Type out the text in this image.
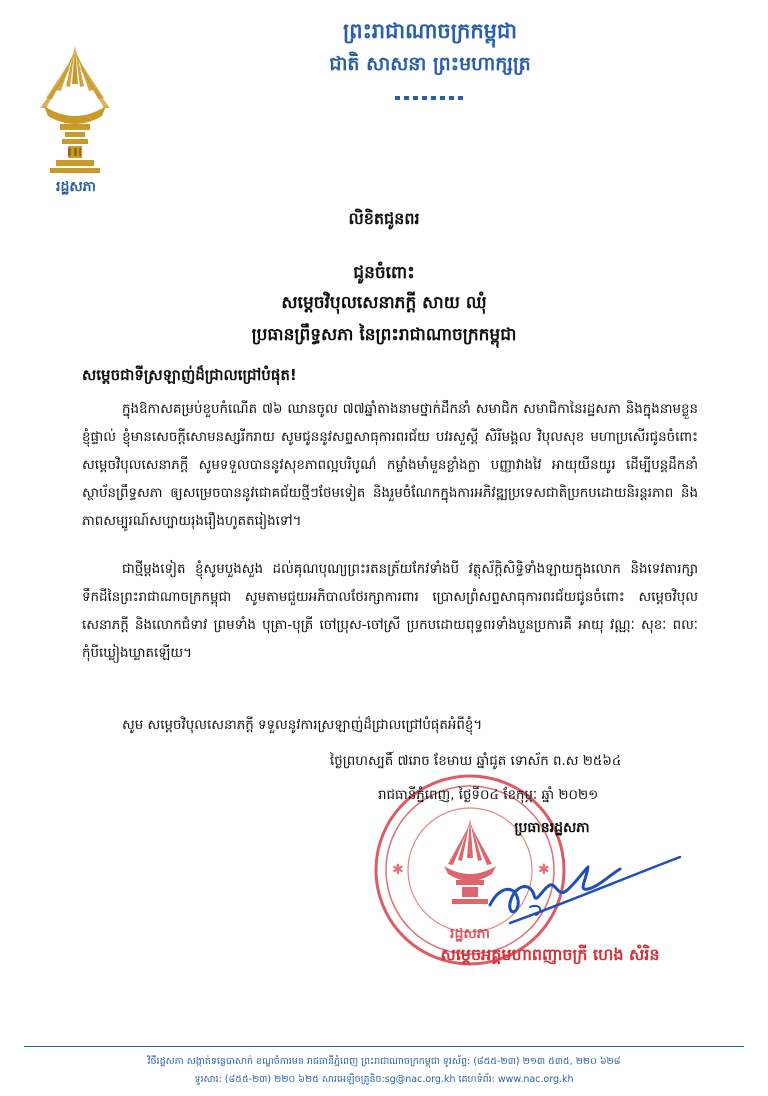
ព្រះរាជាណាចក្រកម្ពុជា
ជាតិ សាសនា ព្រះមហាក្សត្រ
រដ្ឋសភា
លិខិតជូនពរ
ជូនចំពោះ
សម្តេចវិបុលសេនាភក្តី សាយ ឈុំ
ប្រធានព្រឹទ្ធសភា នៃព្រះរាជាណាចក្រកម្ពុជា
សម្តេចជាទីស្រឡាញ់ដ៏ជ្រាលជ្រៅបំផុត!
ក្នុងឱកាសគម្រប់ខួបកំណើត ៧៦ ឈានចូល ៧៧ឆ្នាំតាងនាមថ្នាក់ដឹកនាំ សមាជិក សមាជិកានៃរដ្ឋសភា និងក្នុងនាមខ្លួនខ្ញុំផ្ទាល់ ខ្ញុំមានសេចក្តីសោមនស្សរីករាយ សូមជូននូវសព្ទសាធុការពរជ័យ បវរសួស្តី សិរីមង្គល វិបុលសុខ មហាប្រសើរជូនចំពោះ សម្តេចវិបុលសេនាភក្តី សូមទទួលបាននូវសុខភាពល្អបរិបូណ៌ កម្លាំងមាំមួនខ្លាំងក្លា បញ្ញាវាងវៃ អាយុយឺនយូរ ដើម្បីបន្តដឹកនាំស្ថាប័នព្រឹទ្ធសភា ឲ្យសម្រេចបាននូវជោគជ័យថ្មីៗថែមទៀត និងរួមចំណែកក្នុងការអភិវឌ្ឍប្រទេសជាតិប្រកបដោយនិរន្តរភាព និងភាពសម្បូរណ៍សប្បាយរុងរឿងហូតតរៀងទៅ។
ជាថ្មីម្តងទៀត ខ្ញុំសូមបួងសួង ដល់គុណបុណ្យព្រះរតនត្រ័យកែវទាំងបី វត្ថុស័ក្តិសិទ្ធិទាំងឡាយក្នុងលោក និងទេវតារក្សាទឹកដីនៃព្រះរាជាណាចក្រកម្ពុជា សូមតាមជួយអភិបាលថែរក្សាការពារ ប្រោសព្រំសព្ទសាធុការពរជ័យជូនចំពោះ សម្តេចវិបុលសេនាភក្តី និងលោកជំទាវ ព្រមទាំង បុត្រា-បុត្រី ចៅប្រុស-ចៅស្រី ប្រកបដោយពុទ្ធពរទាំងបួនប្រការគឺ អាយុ វណ្ណៈ សុខៈ ពលៈ កុំបីឃ្លៀងឃ្លាតឡើយ។
សូម សម្តេចវិបុលសេនាភក្តី ទទួលនូវការស្រឡាញ់ដ៏ជ្រាលជ្រៅបំផុតអំពីខ្ញុំ។
រដ្ឋសភា
✱	✱
ថ្ងៃព្រហស្បតិ៍ ៧រោច ខែមាឃ ឆ្នាំជូត ទោស័ក ព.ស ២៥៦៤
រាជធានីភ្នំពេញ, ថ្ងៃទី០៤ ខែកុម្ភៈ ឆ្នាំ ២០២១
ប្រធានរដ្ឋសភា
សម្តេចអគ្គមហាពញាចក្រី ហេង សំរិន
វិថីរដ្ឋសភា សង្កាត់ទន្លេបាសាក់ ខណ្ឌចំការមន រាជធានីភ្នំពេញ ព្រះរាជាណាចក្រកម្ពុជា ទូរស័ព្ទ: (៨៥៥-២៣) ២១៣ ៥៣៥, ២២០ ៦២៨
ទូរសារ: (៨៥៥-២៣) ២២០ ៦២៥ សារអេឡិចត្រូនិច:sg@nac.org.kh គេហទំព័រ: www.nac.org.kh
